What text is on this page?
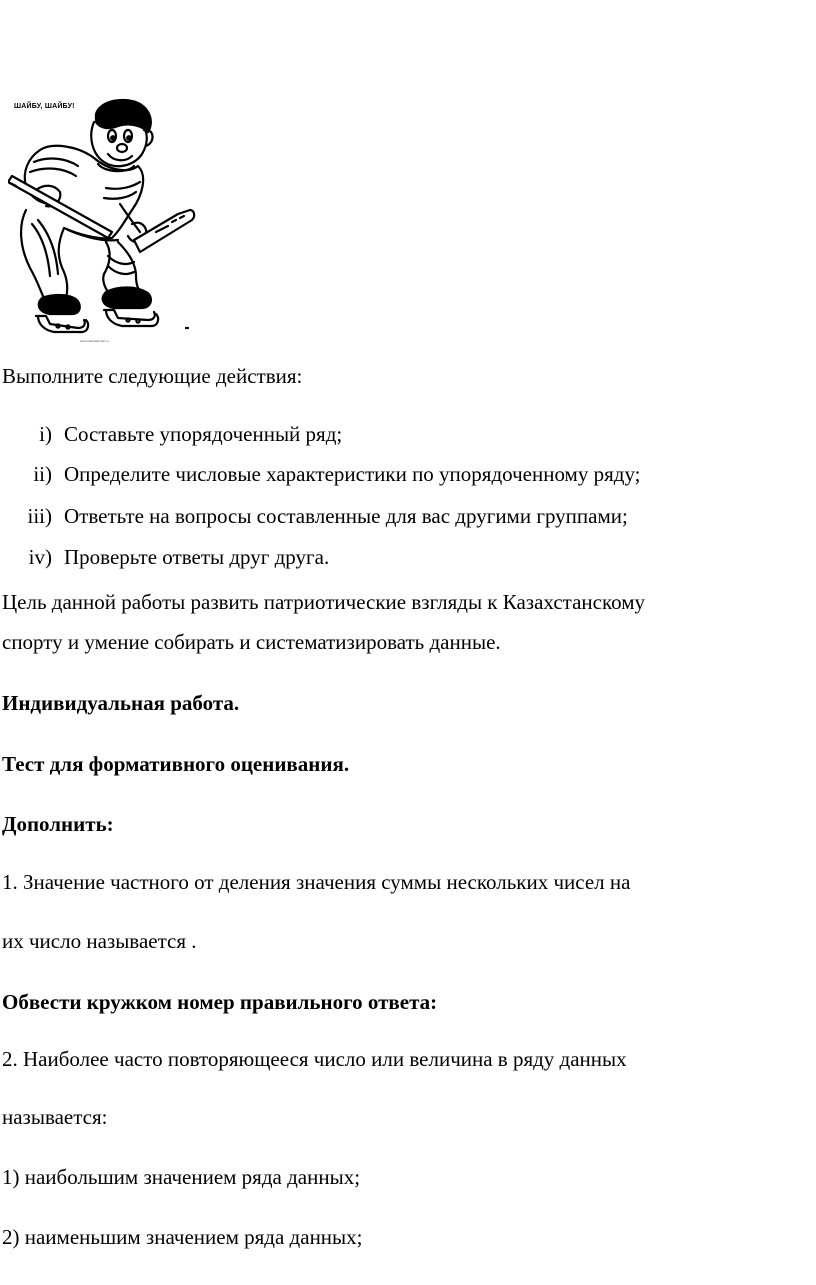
ШАЙБУ, ШАЙБУ!
www.raskraski-deti.ru
Выполните следующие действия:
i) Составьте упорядоченный ряд;
ii) Определите числовые характеристики по упорядоченному ряду;
iii) Ответьте на вопросы составленные для вас другими группами;
iv) Проверьте ответы друг друга.
Цель данной работы развить патриотические взгляды к Казахстанскому
спорту и умение собирать и систематизировать данные.
Индивидуальная работа.
Тест для формативного оценивания.
Дополнить:
1. Значение частного от деления значения суммы нескольких чисел на
их число называется .
Обвести кружком номер правильного ответа:
2. Наиболее часто повторяющееся число или величина в ряду данных
называется:
1) наибольшим значением ряда данных;
2) наименьшим значением ряда данных;
